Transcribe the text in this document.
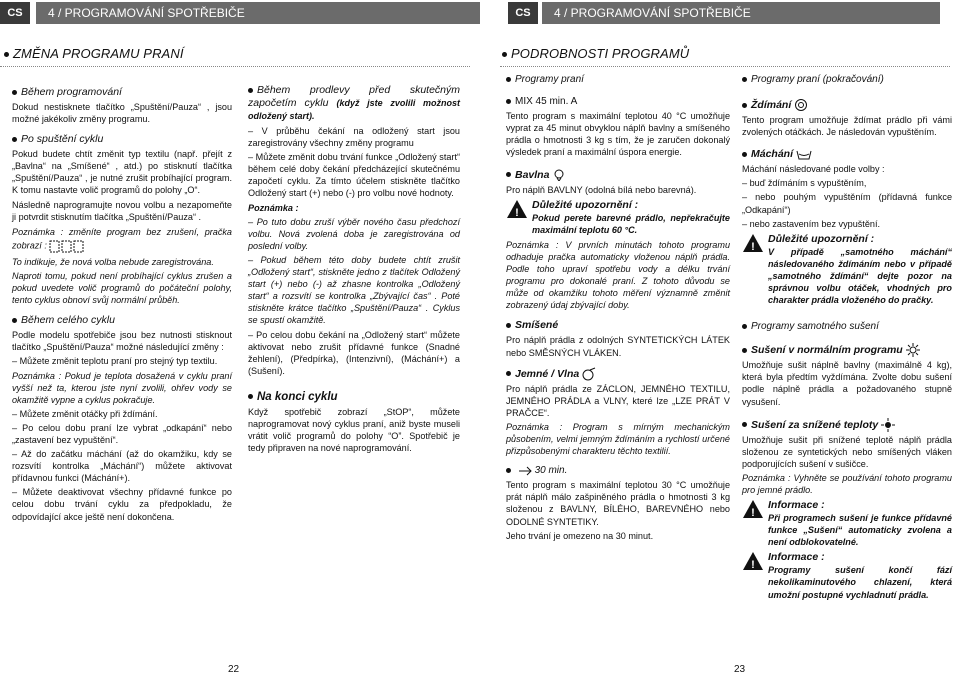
CS	4 / PROGRAMOVÁNÍ SPOTŘEBIČE
ZMĚNA PROGRAMU PRANÍ

Během programování

Dokud nestisknete tlačítko „Spuštění/Pauza“ , jsou možné jakékoliv změny programu.

Po spuštění cyklu

Pokud budete chtít změnit typ textilu (např. přejít z „Bavlna“ na „Smíšené“ , atd.) po stisknutí tlačítka „Spuštění/Pauza“ , je nutné zrušit probíhající program. K tomu nastavte volič programů do polohy „O“.

Následně naprogramujte novou volbu a nezapomeňte ji potvrdit stisknutím tlačítka „Spuštění/Pauza“ .

Poznámka : změníte program bez zrušení, pračka zobrazí :

To indikuje, že nová volba nebude zaregistrována.

Naproti tomu, pokud není probíhající cyklus zrušen a pokud uvedete volič programů do počáteční polohy, tento cyklus obnoví svůj normální průběh.

Během celého cyklu

Podle modelu spotřebiče jsou bez nutnosti stisknout tlačítko „Spuštění/Pauza“ možné následující změny :

– Můžete změnit teplotu praní pro stejný typ textilu.

Poznámka : Pokud je teplota dosažená v cyklu praní vyšší než ta, kterou jste nyní zvolili, ohřev vody se okamžitě vypne a cyklus pokračuje.

– Můžete změnit otáčky při ždímání.

– Po celou dobu praní lze vybrat „odkapání“ nebo „zastavení bez vypuštění“.

– Až do začátku máchání (až do okamžiku, kdy se rozsvítí kontrolka „Máchání“) můžete aktivovat přídavnou funkci (Máchání+).

– Můžete deaktivovat všechny přídavné funkce po celou dobu trvání cyklu za předpokladu, že odpovídající akce ještě není dokončena.

Během prodlevy před skutečným započetím cyklu (když jste zvolili možnost odložený start).

– V průběhu čekání na odložený start jsou zaregistrovány všechny změny programu

– Můžete změnit dobu trvání funkce „Odložený start“ během celé doby čekání předcházející skutečnému započetí cyklu. Za tímto účelem stiskněte tlačítko Odložený start (+) nebo (-) pro volbu nové hodnoty.

Poznámka :

– Po tuto dobu zruší výběr nového času předchozí volbu. Nová zvolená doba je zaregistrována od poslední volby.

– Pokud během této doby budete chtít zrušit „Odložený start“, stiskněte jedno z tlačítek Odložený start (+) nebo (-) až zhasne kontrolka „Odložený start“ a rozsvítí se kontrolka „Zbývající čas“ . Poté stiskněte krátce tlačítko „Spuštění/Pauza“ . Cyklus se spustí okamžitě.

– Po celou dobu čekání na „Odložený start“ můžete aktivovat nebo zrušit přídavné funkce (Snadné žehlení), (Předpírka), (Intenzivní), (Máchání+) a (Sušení).

Na konci cyklu

Když spotřebič zobrazí „StOP“, můžete naprogramovat nový cyklus praní, aniž byste museli vrátit volič programů do polohy “O”. Spotřebič je tedy připraven na nové naprogramování.

22
CS	4 / PROGRAMOVÁNÍ SPOTŘEBIČE
PODROBNOSTI PROGRAMŮ

Programy praní

MIX 45 min. A

Tento program s maximální teplotou 40 °C umožňuje vyprat za 45 minut obvyklou náplň bavlny a smíšeného prádla o hmotnosti 3 kg s tím, že je zaručen dokonalý výsledek praní a maximální úspora energie.

Bavlna

Pro náplň BAVLNY (odolná bílá nebo barevná).

!
Důležité upozornění :
Pokud perete barevné prádlo, nepřekračujte maximální teplotu 60 °C.

Poznámka : V prvních minutách tohoto programu odhaduje pračka automaticky vloženou náplň prádla. Podle toho upraví spotřebu vody a délku trvání programu pro dokonalé praní. Z tohoto důvodu se může od okamžiku tohoto měření významně změnit zobrazený údaj zbývající doby.

Smíšené

Pro náplň prádla z odolných SYNTETICKÝCH LÁTEK nebo SMĚSNÝCH VLÁKEN.

Jemné / Vlna

Pro náplň prádla ze ZÁCLON, JEMNÉHO TEXTILU, JEMNÉHO PRÁDLA a VLNY, které lze „LZE PRÁT V PRAČCE“.

Poznámka : Program s mírným mechanickým působením, velmi jemným ždímáním a rychlostí určené přizpůsobenými charakteru těchto textilií.

30 min.

Tento program s maximální teplotou 30 °C umožňuje prát náplň málo zašpiněného prádla o hmotnosti 3 kg složenou z BAVLNY, BÍLÉHO, BAREVNÉHO nebo ODOLNÉ SYNTETIKY.

Jeho trvání je omezeno na 30 minut.

Programy praní (pokračování)

Ždímání

Tento program umožňuje ždímat prádlo při vámi zvolených otáčkách. Je následován vypuštěním.

Máchání

Máchání následované podle volby :

– buď ždímáním s vypuštěním,

– nebo pouhým vypuštěním (přídavná funkce „Odkapání“)

– nebo zastavením bez vypuštění.

!
Důležité upozornění :
V případě „samotného máchání“ následovaného ždímáním nebo v případě „samotného ždímání“ dejte pozor na správnou volbu otáček, vhodných pro charakter prádla vloženého do pračky.

Programy samotného sušení

Sušení v normálním programu

Umožňuje sušit náplně bavlny (maximálně 4 kg), která byla předtím vyždímána. Zvolte dobu sušení podle náplně prádla a požadovaného stupně vysušení.

Sušení za snížené teploty

Umožňuje sušit při snížené teplotě náplň prádla složenou ze syntetických nebo smíšených vláken podporujících sušení v sušičce.

Poznámka : Vyhněte se používání tohoto programu pro jemné prádlo.

!
Informace :
Při programech sušení je funkce přídavné funkce „Sušení“ automaticky zvolena a není odblokovatelné.
!
Informace :
Programy sušení končí fází nekolikaminutového chlazení, která umožní postupné vychladnutí prádla.
23
